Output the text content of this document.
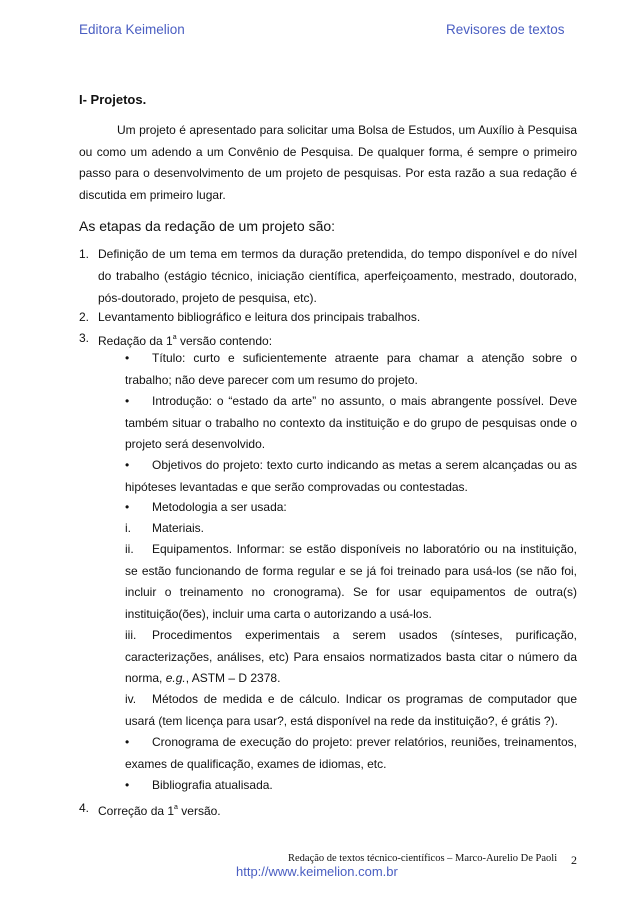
Editora Keimelion	Revisores de textos
I- Projetos.
Um projeto é apresentado para solicitar uma Bolsa de Estudos, um Auxílio à Pesquisa ou como um adendo a um Convênio de Pesquisa. De qualquer forma, é sempre o primeiro passo para o desenvolvimento de um projeto de pesquisas. Por esta razão a sua redação é discutida em primeiro lugar.
As etapas da redação de um projeto são:
1. Definição de um tema em termos da duração pretendida, do tempo disponível e do nível do trabalho (estágio técnico, iniciação científica, aperfeiçoamento, mestrado, doutorado, pós-doutorado, projeto de pesquisa, etc).
2. Levantamento bibliográfico e leitura dos principais trabalhos.
3. Redação da 1$^a$ versão contendo:
• Título: curto e suficientemente atraente para chamar a atenção sobre o trabalho; não deve parecer com um resumo do projeto.
• Introdução: o “estado da arte” no assunto, o mais abrangente possível. Deve também situar o trabalho no contexto da instituição e do grupo de pesquisas onde o projeto será desenvolvido.
• Objetivos do projeto: texto curto indicando as metas a serem alcançadas ou as hipóteses levantadas e que serão comprovadas ou contestadas.
• Metodologia a ser usada:
i. Materiais.
ii. Equipamentos. Informar: se estão disponíveis no laboratório ou na instituição, se estão funcionando de forma regular e se já foi treinado para usá-los (se não foi, incluir o treinamento no cronograma). Se for usar equipamentos de outra(s) instituição(ões), incluir uma carta o autorizando a usá-los.
iii. Procedimentos experimentais a serem usados (sínteses, purificação, caracterizações, análises, etc) Para ensaios normatizados basta citar o número da norma, e.g., ASTM – D 2378.
iv. Métodos de medida e de cálculo. Indicar os programas de computador que usará (tem licença para usar?, está disponível na rede da instituição?, é grátis ?).
• Cronograma de execução do projeto: prever relatórios, reuniões, treinamentos, exames de qualificação, exames de idiomas, etc.
• Bibliografia atualisada.
4. Correção da 1$^a$ versão.
Redação de textos técnico-científicos – Marco-Aurelio De Paoli 2
http://www.keimelion.com.br
